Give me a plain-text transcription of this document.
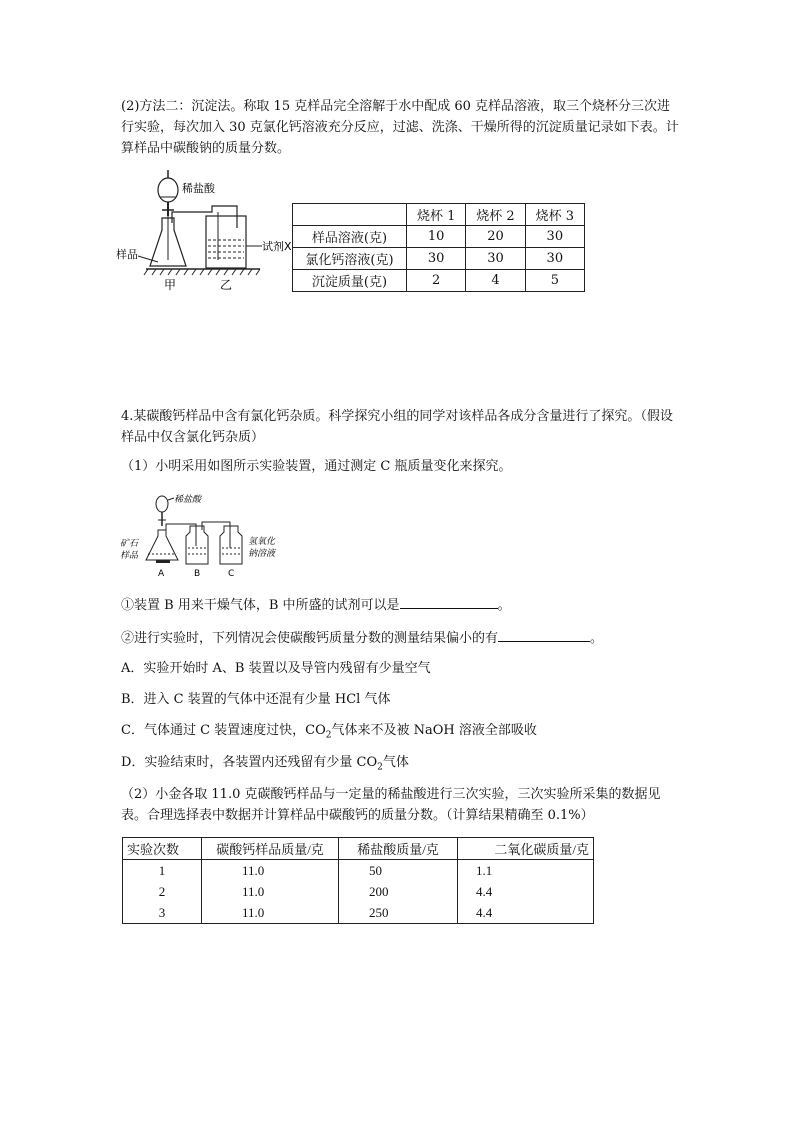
(2)方法二：沉淀法。称取 15 克样品完全溶解于水中配成 60 克样品溶液，取三个烧杯分三次进行实验，每次加入 30 克氯化钙溶液充分反应，过滤、洗涤、干燥所得的沉淀质量记录如下表。计算样品中碳酸钠的质量分数。

稀盐酸
试剂X
样品
甲	乙
	烧杯 1	烧杯 2	烧杯 3
样品溶液(克)	10	20	30
氯化钙溶液(克)	30	30	30
沉淀质量(克)	2	4	5

4.某碳酸钙样品中含有氯化钙杂质。科学探究小组的同学对该样品各成分含量进行了探究。（假设样品中仅含氯化钙杂质）

（1）小明采用如图所示实验装置，通过测定 C 瓶质量变化来探究。

稀盐酸
矿石
样品
氢氧化
钠溶液
A	B	C

①装置 B 用来干燥气体，B 中所盛的试剂可以是	。

②进行实验时，下列情况会使碳酸钙质量分数的测量结果偏小的有	。

A．实验开始时 A、B 装置以及导管内残留有少量空气

B．进入 C 装置的气体中还混有少量 HCl 气体

C．气体通过 C 装置速度过快，$CO_2$气体来不及被 NaOH 溶液全部吸收

D．实验结束时，各装置内还残留有少量 $CO_2$气体

（2）小金各取 11.0 克碳酸钙样品与一定量的稀盐酸进行三次实验，三次实验所采集的数据见表。合理选择表中数据并计算样品中碳酸钙的质量分数。（计算结果精确至 0.1%）

实验次数	碳酸钙样品质量/克	稀盐酸质量/克	二氧化碳质量/克
1	11.0	50	1.1
2	11.0	200	4.4
3	11.0	250	4.4
